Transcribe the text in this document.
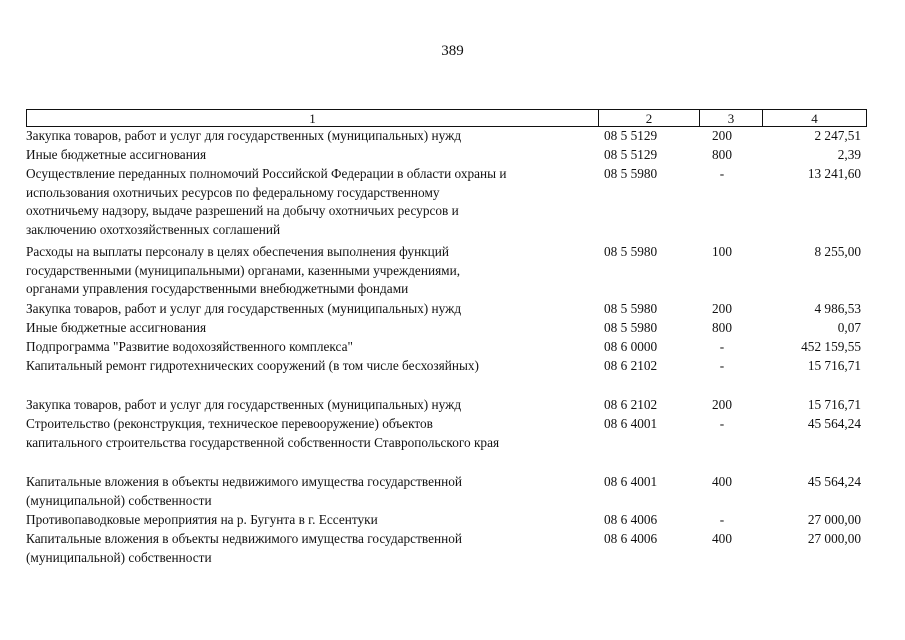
389
1	2	3	4
Закупка товаров, работ и услуг для государственных (муниципальных) нужд	08 5 5129	200	2 247,51
Иные бюджетные ассигнования	08 5 5129	800	2,39
Осуществление переданных полномочий Российской Федерации в области охраны и
использования охотничьих ресурсов по федеральному государственному
охотничьему надзору, выдаче разрешений на добычу охотничьих ресурсов и
заключению охотхозяйственных соглашений
08 5 5980	-	13 241,60
Расходы на выплаты персоналу в целях обеспечения выполнения функций
государственными (муниципальными) органами, казенными учреждениями,
органами управления государственными внебюджетными фондами
08 5 5980	100	8 255,00
Закупка товаров, работ и услуг для государственных (муниципальных) нужд	08 5 5980	200	4 986,53
Иные бюджетные ассигнования	08 5 5980	800	0,07
Подпрограмма "Развитие водохозяйственного комплекса"	08 6 0000	-	452 159,55
Капитальный ремонт гидротехнических сооружений (в том числе бесхозяйных)	08 6 2102	-	15 716,71
Закупка товаров, работ и услуг для государственных (муниципальных) нужд	08 6 2102	200	15 716,71
Строительство (реконструкция, техническое перевооружение) объектов
капитального строительства государственной собственности Ставропольского края
08 6 4001	-	45 564,24
Капитальные вложения в объекты недвижимого имущества государственной
(муниципальной) собственности
08 6 4001	400	45 564,24
Противопаводковые мероприятия на р. Бугунта в г. Ессентуки	08 6 4006	-	27 000,00
Капитальные вложения в объекты недвижимого имущества государственной
(муниципальной) собственности
08 6 4006	400	27 000,00
